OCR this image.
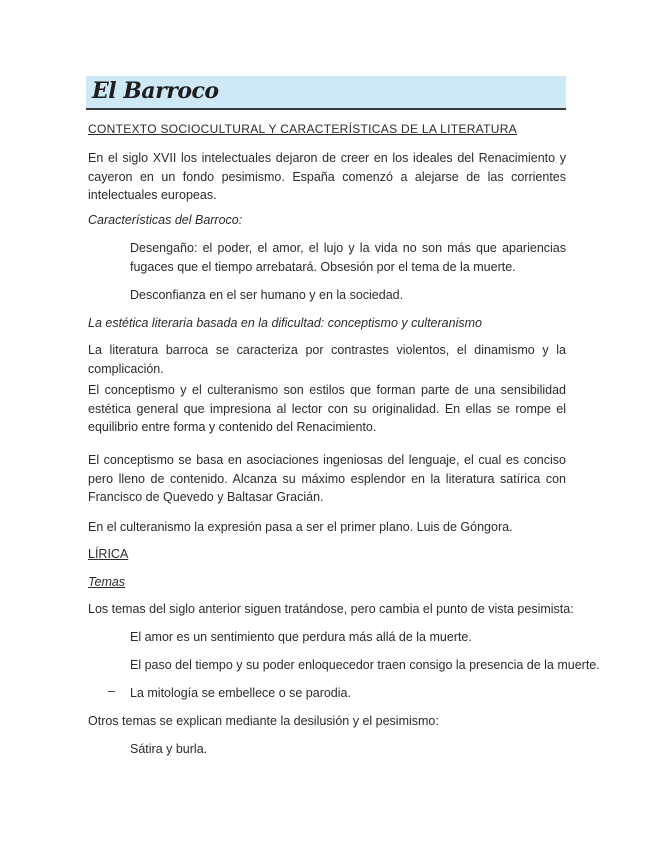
El Barroco
CONTEXTO SOCIOCULTURAL Y CARACTERÍSTICAS DE LA LITERATURA
En el siglo XVII los intelectuales dejaron de creer en los ideales del Renacimiento y cayeron en un fondo pesimismo. España comenzó a alejarse de las corrientes intelectuales europeas.
Características del Barroco:
Desengaño: el poder, el amor, el lujo y la vida no son más que apariencias fugaces que el tiempo arrebatará. Obsesión por el tema de la muerte.
Desconfianza en el ser humano y en la sociedad.
La estética literaria basada en la dificultad: conceptismo y culteranismo
La literatura barroca se caracteriza por contrastes violentos, el dinamismo y la complicación.
El conceptismo y el culteranismo son estilos que forman parte de una sensibilidad estética general que impresiona al lector con su originalidad. En ellas se rompe el equilibrio entre forma y contenido del Renacimiento.
El conceptismo se basa en asociaciones ingeniosas del lenguaje, el cual es conciso pero lleno de contenido. Alcanza su máximo esplendor en la literatura satírica con Francisco de Quevedo y Baltasar Gracián.
En el culteranismo la expresión pasa a ser el primer plano. Luis de Góngora.
LÍRICA
Temas
Los temas del siglo anterior siguen tratándose, pero cambia el punto de vista pesimista:
El amor es un sentimiento que perdura más allá de la muerte.
El paso del tiempo y su poder enloquecedor traen consigo la presencia de la muerte.
– La mitología se embellece o se parodia.
Otros temas se explican mediante la desilusión y el pesimismo:
Sátira y burla.
